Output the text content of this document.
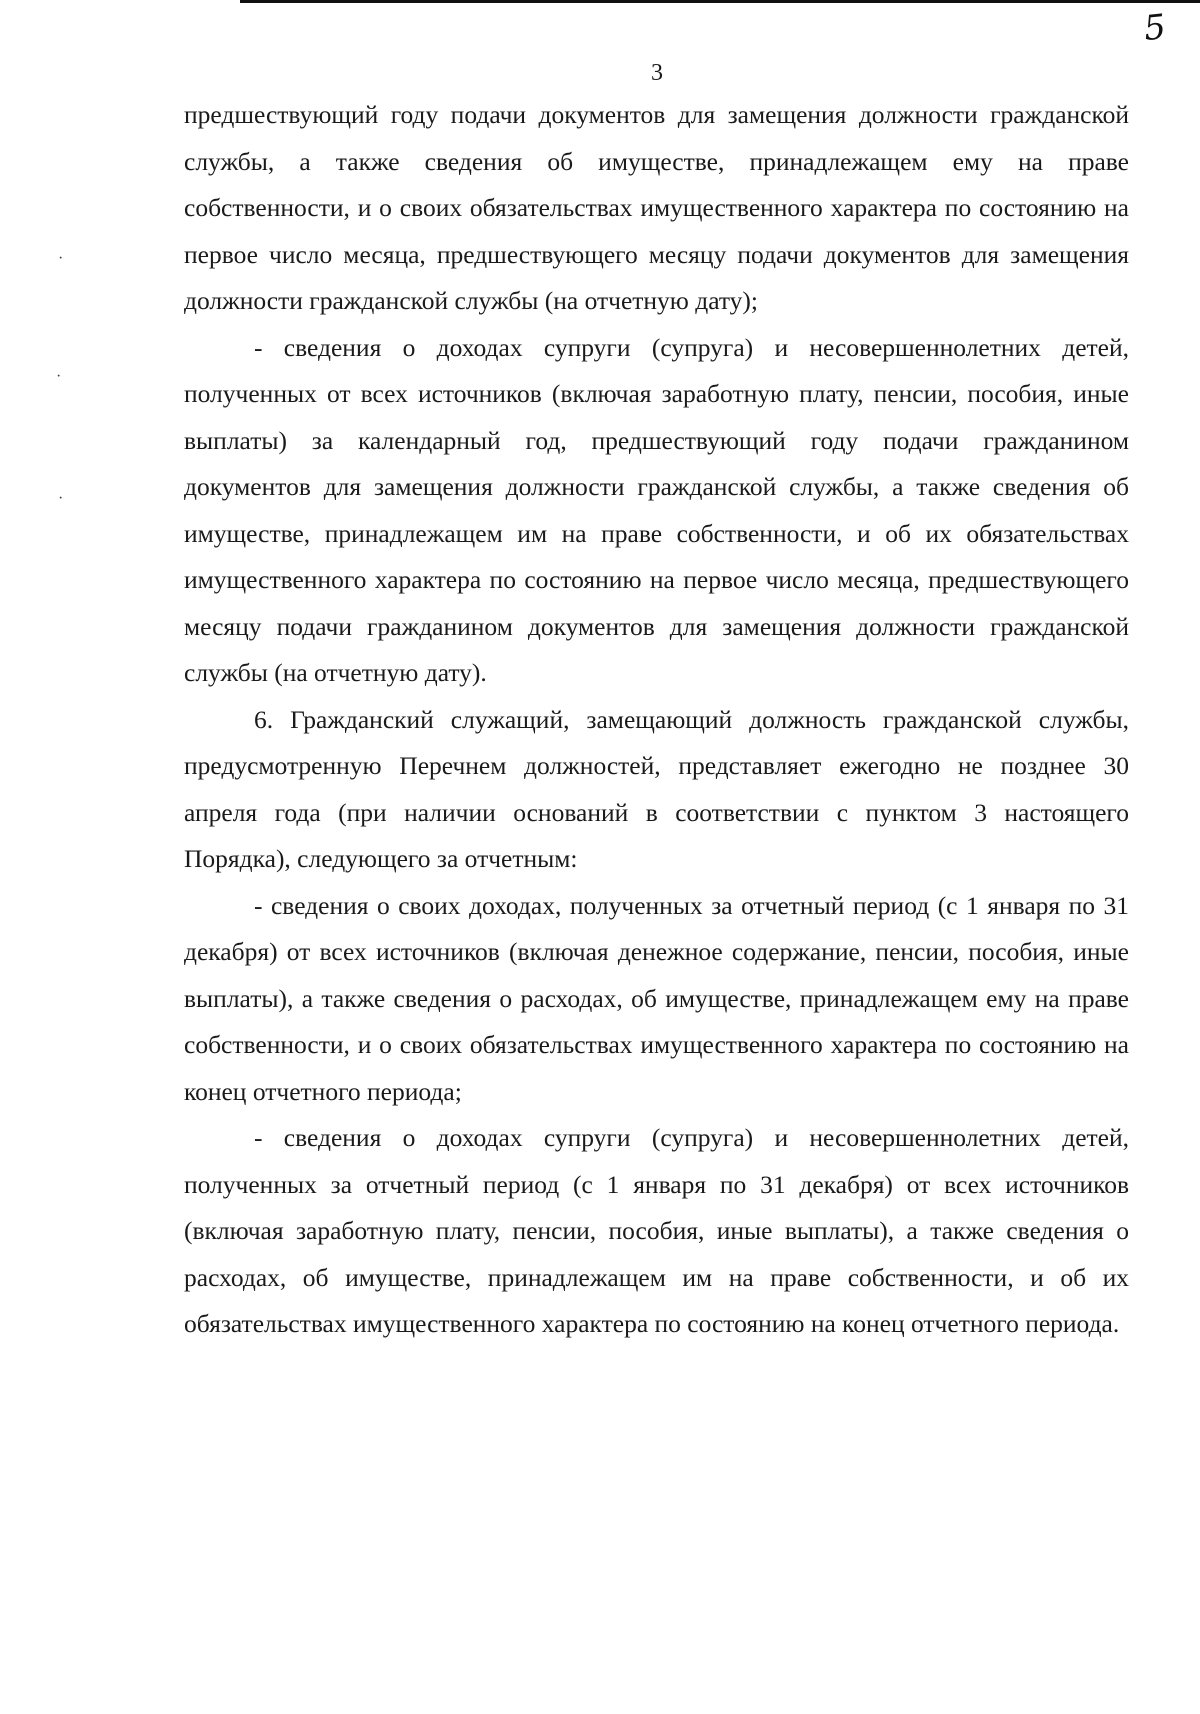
5
3

предшествующий году подачи документов для замещения должности гражданской службы, а также сведения об имуществе, принадлежащем ему на праве собственности, и о своих обязательствах имущественного характера по состоянию на первое число месяца, предшествующего месяцу подачи документов для замещения должности гражданской службы (на отчетную дату);

- сведения о доходах супруги (супруга) и несовершеннолетних детей, полученных от всех источников (включая заработную плату, пенсии, пособия, иные выплаты) за календарный год, предшествующий году подачи гражданином документов для замещения должности гражданской службы, а также сведения об имуществе, принадлежащем им на праве собственности, и об их обязательствах имущественного характера по состоянию на первое число месяца, предшествующего месяцу подачи гражданином документов для замещения должности гражданской службы (на отчетную дату).

6. Гражданский служащий, замещающий должность гражданской службы, предусмотренную Перечнем должностей, представляет ежегодно не позднее 30 апреля года (при наличии оснований в соответствии с пунктом 3 настоящего Порядка), следующего за отчетным:

- сведения о своих доходах, полученных за отчетный период (с 1 января по 31 декабря) от всех источников (включая денежное содержание, пенсии, пособия, иные выплаты), а также сведения о расходах, об имуществе, принадлежащем ему на праве собственности, и о своих обязательствах имущественного характера по состоянию на конец отчетного периода;

- сведения о доходах супруги (супруга) и несовершеннолетних детей, полученных за отчетный период (с 1 января по 31 декабря) от всех источников (включая заработную плату, пенсии, пособия, иные выплаты), а также сведения о расходах, об имуществе, принадлежащем им на праве собственности, и об их обязательствах имущественного характера по состоянию на конец отчетного периода.

·
·
·
